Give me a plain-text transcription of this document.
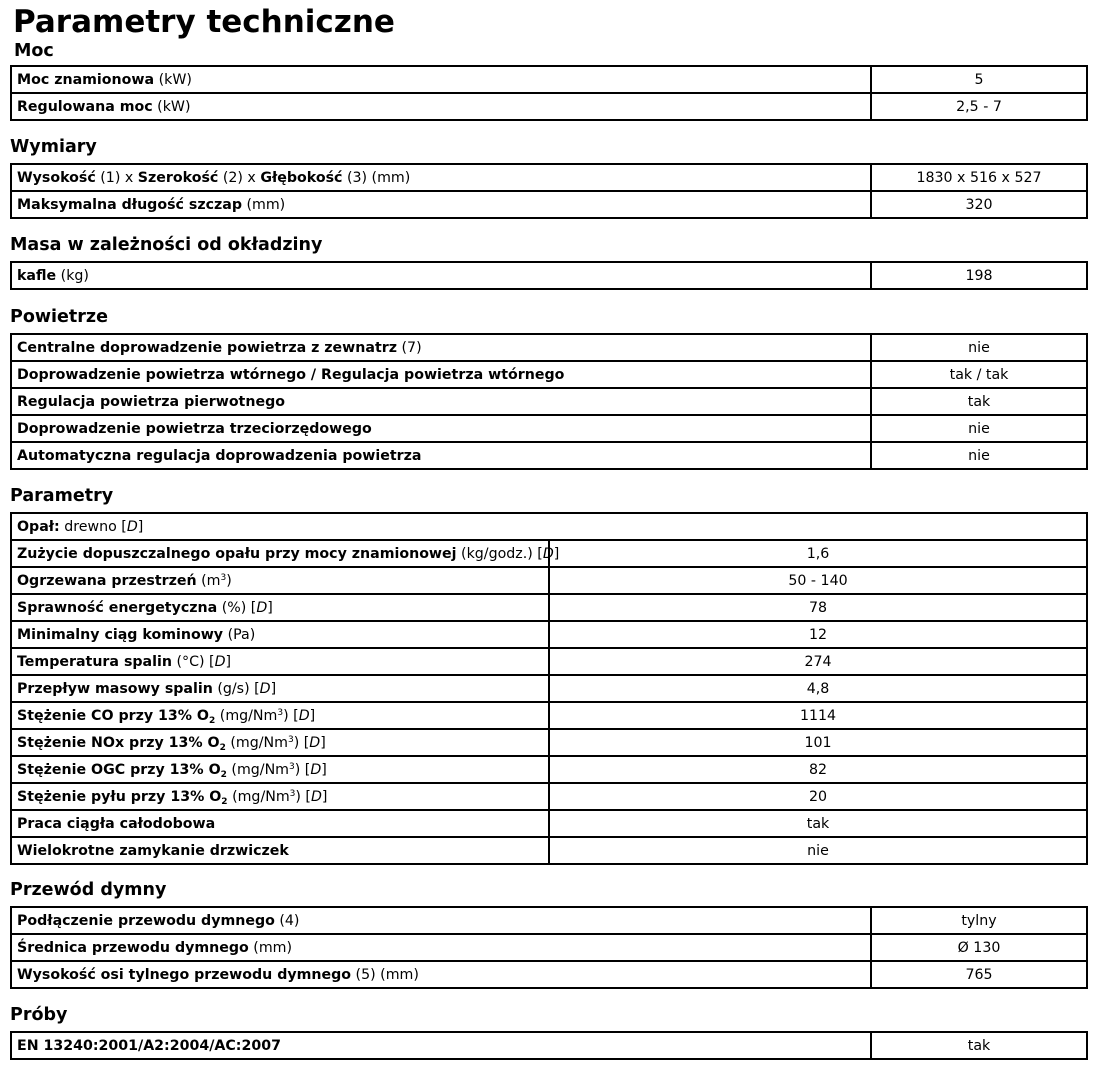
Parametry techniczne
Moc
Moc znamionowa (kW)	5
Regulowana moc (kW)	2,5 - 7
Wymiary
Wysokość (1) x Szerokość (2) x Głębokość (3) (mm)	1830 x 516 x 527
Maksymalna długość szczap (mm)	320
Masa w zależności od okładziny
kafle (kg)	198
Powietrze
Centralne doprowadzenie powietrza z zewnatrz (7)	nie
Doprowadzenie powietrza wtórnego / Regulacja powietrza wtórnego	tak / tak
Regulacja powietrza pierwotnego	tak
Doprowadzenie powietrza trzeciorzędowego	nie
Automatyczna regulacja doprowadzenia powietrza	nie
Parametry
Opał: drewno [D]	
Zużycie dopuszczalnego opału przy mocy znamionowej (kg/godz.) [D]	1,6
Ogrzewana przestrzeń $(m^3)$	50 - 140
Sprawność energetyczna (%) [D]	78
Minimalny ciąg kominowy (Pa)	12
Temperatura spalin (°C) [D]	274
Przepływ masowy spalin (g/s) [D]	4,8
Stężenie CO przy 13% $O_2$ (mg/Nm$^3$) [D]	1114
Stężenie NOx przy 13% $O_2$ (mg/Nm$^3$) [D]	101
Stężenie OGC przy 13% $O_2$ (mg/Nm$^3$) [D]	82
Stężenie pyłu przy 13% $O_2$ (mg/Nm$^3$) [D]	20
Praca ciągła całodobowa	tak
Wielokrotne zamykanie drzwiczek	nie
Przewód dymny
Podłączenie przewodu dymnego (4)	tylny
Średnica przewodu dymnego (mm)	Ø 130
Wysokość osi tylnego przewodu dymnego (5) (mm)	765
Próby
EN 13240:2001/A2:2004/AC:2007	tak
